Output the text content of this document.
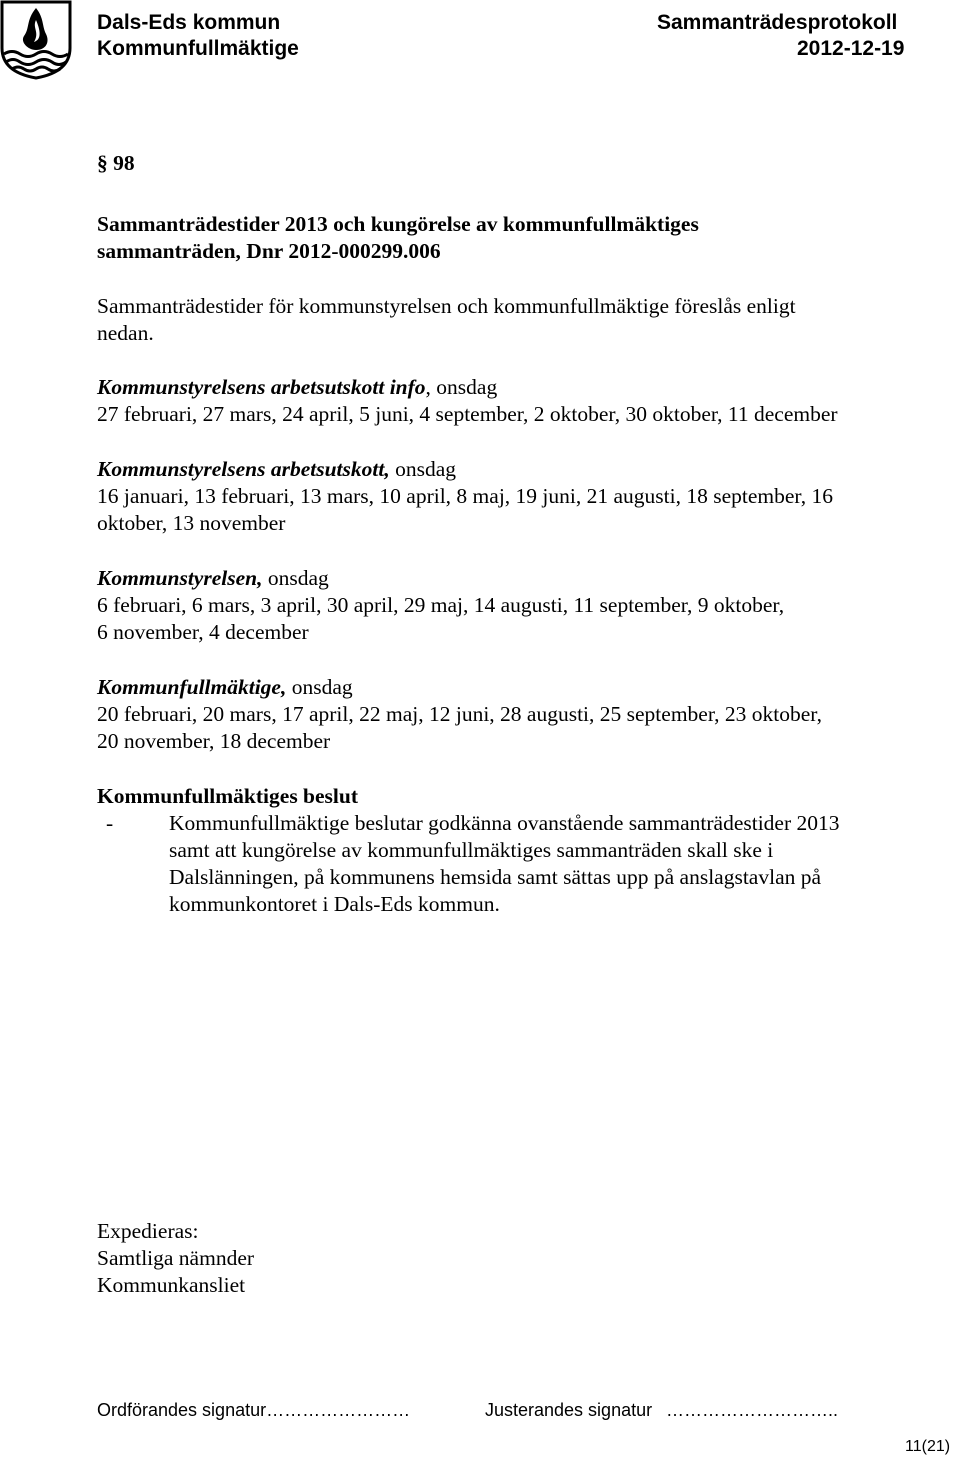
Dals-Eds kommun
Kommunfullmäktige
Sammanträdesprotokoll
2012-12-19
§ 98
Sammanträdestider 2013 och kungörelse av kommunfullmäktiges
sammanträden, Dnr 2012-000299.006
Sammanträdestider för kommunstyrelsen och kommunfullmäktige föreslås enligt
nedan.
Kommunstyrelsens arbetsutskott info, onsdag
27 februari, 27 mars, 24 april, 5 juni, 4 september, 2 oktober, 30 oktober, 11 december
Kommunstyrelsens arbetsutskott, onsdag
16 januari, 13 februari, 13 mars, 10 april, 8 maj, 19 juni, 21 augusti, 18 september, 16
oktober, 13 november
Kommunstyrelsen, onsdag
6 februari, 6 mars, 3 april, 30 april, 29 maj, 14 augusti, 11 september, 9 oktober,
6 november, 4 december
Kommunfullmäktige, onsdag
20 februari, 20 mars, 17 april, 22 maj, 12 juni, 28 augusti, 25 september, 23 oktober,
20 november, 18 december
Kommunfullmäktiges beslut
-	Kommunfullmäktige beslutar godkänna ovanstående sammanträdestider 2013
samt att kungörelse av kommunfullmäktiges sammanträden skall ske i
Dalslänningen, på kommunens hemsida samt sättas upp på anslagstavlan på
kommunkontoret i Dals-Eds kommun.
Expedieras:
Samtliga nämnder
Kommunkansliet
Ordförandes signatur……………………	Justerandes signatur ………………………..
11(21)
